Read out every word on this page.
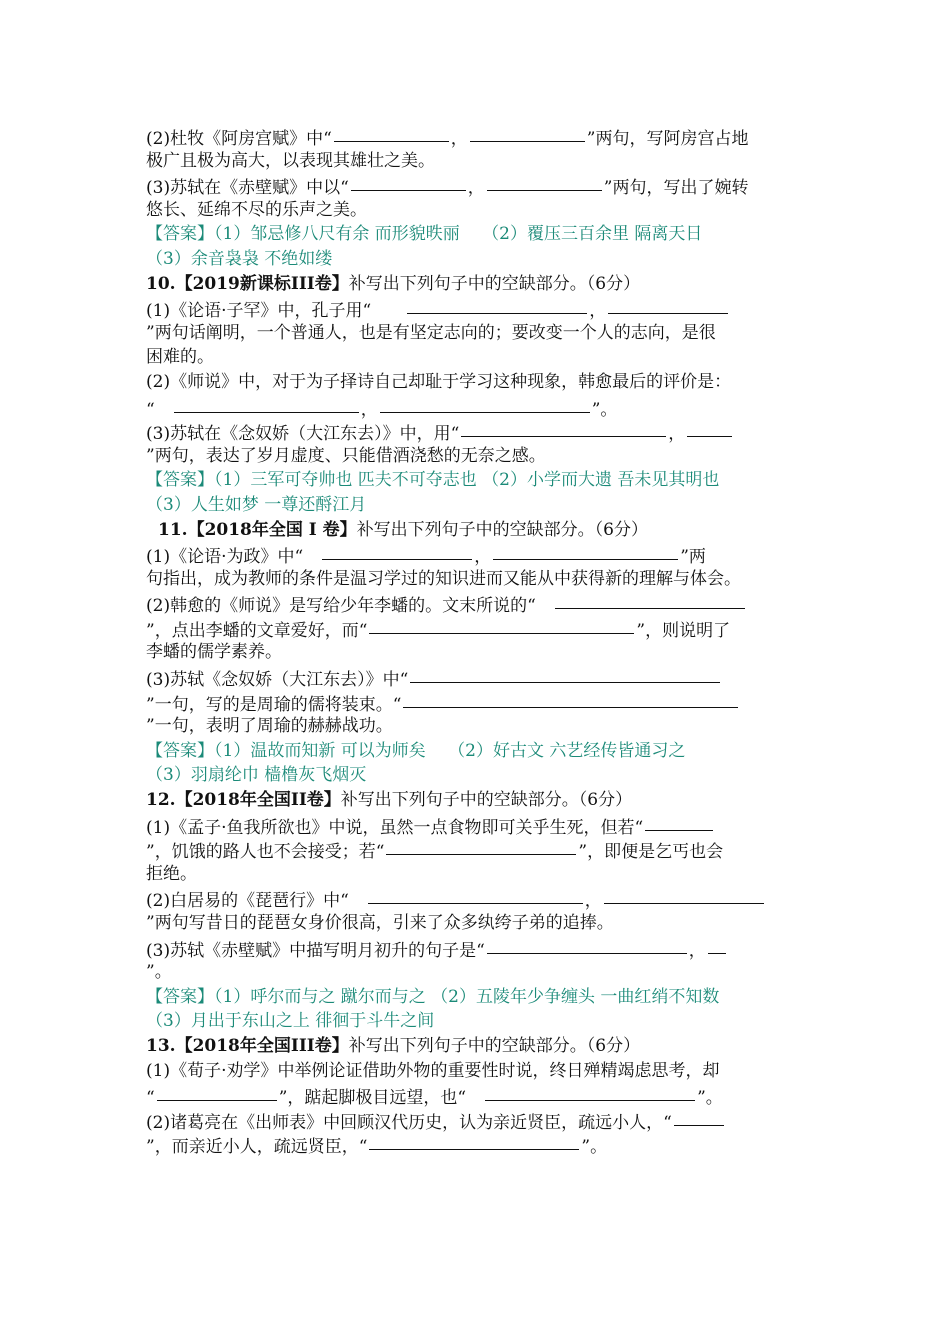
(2)杜牧《阿房宫赋》中“	，	”两句，写阿房宫占地
极广且极为高大，以表现其雄壮之美。
(3)苏轼在《赤壁赋》中以“	，	”两句，写出了婉转
悠长、延绵不尽的乐声之美。
【答案】（1）邹忌修八尺有余 而形貌昳丽　 （2）覆压三百余里 隔离天日
（3）余音袅袅 不绝如缕
10.【2019新课标III卷】补写出下列句子中的空缺部分。（6分）
(1)《论语·子罕》中，孔子用“　　	，
”两句话阐明，一个普通人，也是有坚定志向的；要改变一个人的志向，是很
困难的。
(2)《师说》中，对于为子择诗自己却耻于学习这种现象，韩愈最后的评价是：
“　	，	”。
(3)苏轼在《念奴娇（大江东去）》中，用“	，
”两句，表达了岁月虚度、只能借酒浇愁的无奈之感。
【答案】（1）三军可夺帅也 匹夫不可夺志也 （2）小学而大遗 吾未见其明也
（3）人生如梦 一尊还酹江月
11.【2018年全国 I 卷】补写出下列句子中的空缺部分。（6分）
(1)《论语·为政》中“　	，	”两
句指出，成为教师的条件是温习学过的知识进而又能从中获得新的理解与体会。
(2)韩愈的《师说》是写给少年李蟠的。文末所说的“　
”，点出李蟠的文章爱好，而“	”，则说明了
李蟠的儒学素养。
(3)苏轼《念奴娇（大江东去）》中“
”一句，写的是周瑜的儒将装束。“
”一句，表明了周瑜的赫赫战功。
【答案】（1）温故而知新 可以为师矣　 （2）好古文 六艺经传皆通习之
（3）羽扇纶巾 樯橹灰飞烟灭
12.【2018年全国II卷】补写出下列句子中的空缺部分。（6分）
(1)《孟子·鱼我所欲也》中说，虽然一点食物即可关乎生死，但若“
”，饥饿的路人也不会接受；若“	”，即便是乞丐也会
拒绝。
(2)白居易的《琵琶行》中“　	，
”两句写昔日的琵琶女身价很高，引来了众多纨绔子弟的追捧。
(3)苏轼《赤壁赋》中描写明月初升的句子是“	，
”。
【答案】（1）呼尔而与之 蹴尔而与之 （2）五陵年少争缠头 一曲红绡不知数
（3）月出于东山之上 徘徊于斗牛之间
13.【2018年全国III卷】补写出下列句子中的空缺部分。（6分）
(1)《荀子·劝学》中举例论证借助外物的重要性时说，终日殚精竭虑思考，却
“	”，踮起脚极目远望，也“　	”。
(2)诸葛亮在《出师表》中回顾汉代历史，认为亲近贤臣，疏远小人，“
”，而亲近小人，疏远贤臣，“	”。
